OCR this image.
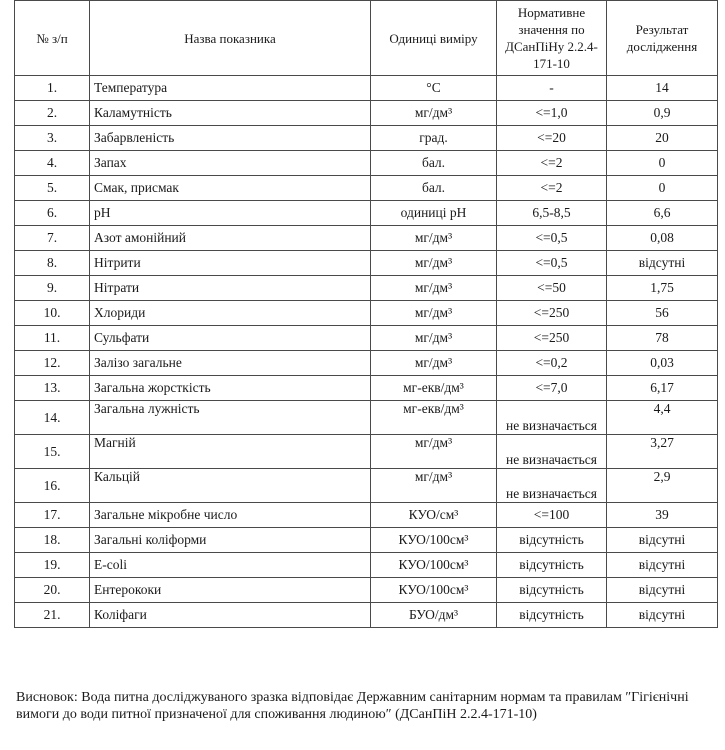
№ з/п	Назва показника	Одиниці виміру	Нормативне значення по ДСанПіНу 2.2.4-171-10	Результат дослідження
1.	Температура	°С	-	14
2.	Каламутність	мг/дм³	<=1,0	0,9
3.	Забарвленість	град.	<=20	20
4.	Запах	бал.	<=2	0
5.	Смак, присмак	бал.	<=2	0
6.	pH	одиниці pH	6,5-8,5	6,6
7.	Азот амонійний	мг/дм³	<=0,5	0,08
8.	Нітрити	мг/дм³	<=0,5	відсутні
9.	Нітрати	мг/дм³	<=50	1,75
10.	Хлориди	мг/дм³	<=250	56
11.	Сульфати	мг/дм³	<=250	78
12.	Залізо загальне	мг/дм³	<=0,2	0,03
13.	Загальна жорсткість	мг-екв/дм³	<=7,0	6,17
14.	Загальна лужність	мг-екв/дм³	не визначається	4,4
15.	Магній	мг/дм³	не визначається	3,27
16.	Кальцій	мг/дм³	не визначається	2,9
17.	Загальне мікробне число	КУО/см³	<=100	39
18.	Загальні коліформи	КУО/100см³	відсутність	відсутні
19.	E-coli	КУО/100см³	відсутність	відсутні
20.	Ентерококи	КУО/100см³	відсутність	відсутні
21.	Коліфаги	БУО/дм³	відсутність	відсутні

Висновок: Вода питна досліджуваного зразка відповідає Державним санітарним нормам та правилам ″Гігієнічні вимоги до води питної призначеної для споживання людиною″ (ДСанПіН 2.2.4-171-10)
